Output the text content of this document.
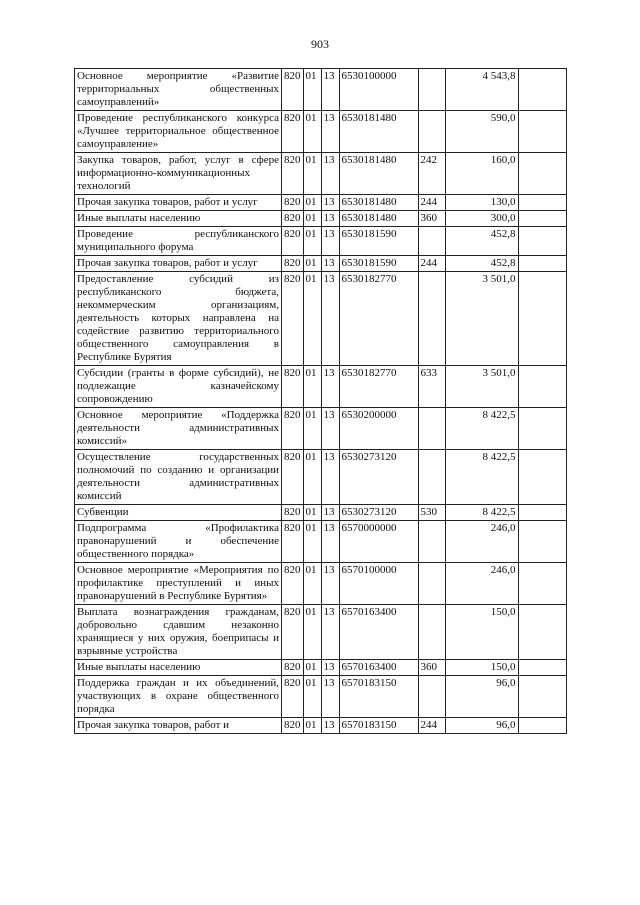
903
Основное мероприятие «Развитие территориальных общественных самоуправлений»	820	01	13	6530100000		4 543,8	
Проведение республиканского конкурса «Лучшее территориальное общественное самоуправление»	820	01	13	6530181480		590,0	
Закупка товаров, работ, услуг в сфере информационно-коммуникационных технологий	820	01	13	6530181480	242	160,0	
Прочая закупка товаров, работ и услуг	820	01	13	6530181480	244	130,0	
Иные выплаты населению	820	01	13	6530181480	360	300,0	
Проведение республиканского муниципального форума	820	01	13	6530181590		452,8	
Прочая закупка товаров, работ и услуг	820	01	13	6530181590	244	452,8	
Предоставление субсидий из республиканского бюджета, некоммерческим организациям, деятельность которых направлена на содействие развитию территориального общественного самоуправления в Республике Бурятия	820	01	13	6530182770		3 501,0	
Субсидии (гранты в форме субсидий), не подлежащие казначейскому сопровождению	820	01	13	6530182770	633	3 501,0	
Основное мероприятие «Поддержка деятельности административных комиссий»	820	01	13	6530200000		8 422,5	
Осуществление государственных полномочий по созданию и организации деятельности административных комиссий	820	01	13	6530273120		8 422,5	
Субвенции	820	01	13	6530273120	530	8 422,5	
Подпрограмма «Профилактика правонарушений и обеспечение общественного порядка»	820	01	13	6570000000		246,0	
Основное мероприятие «Мероприятия по профилактике преступлений и иных правонарушений в Республике Бурятия»	820	01	13	6570100000		246,0	
Выплата вознаграждения гражданам, добровольно сдавшим незаконно хранящиеся у них оружия, боеприпасы и взрывные устройства	820	01	13	6570163400		150,0	
Иные выплаты населению	820	01	13	6570163400	360	150,0	
Поддержка граждан и их объединений, участвующих в охране общественного порядка	820	01	13	6570183150		96,0	
Прочая закупка товаров, работ и	820	01	13	6570183150	244	96,0	
